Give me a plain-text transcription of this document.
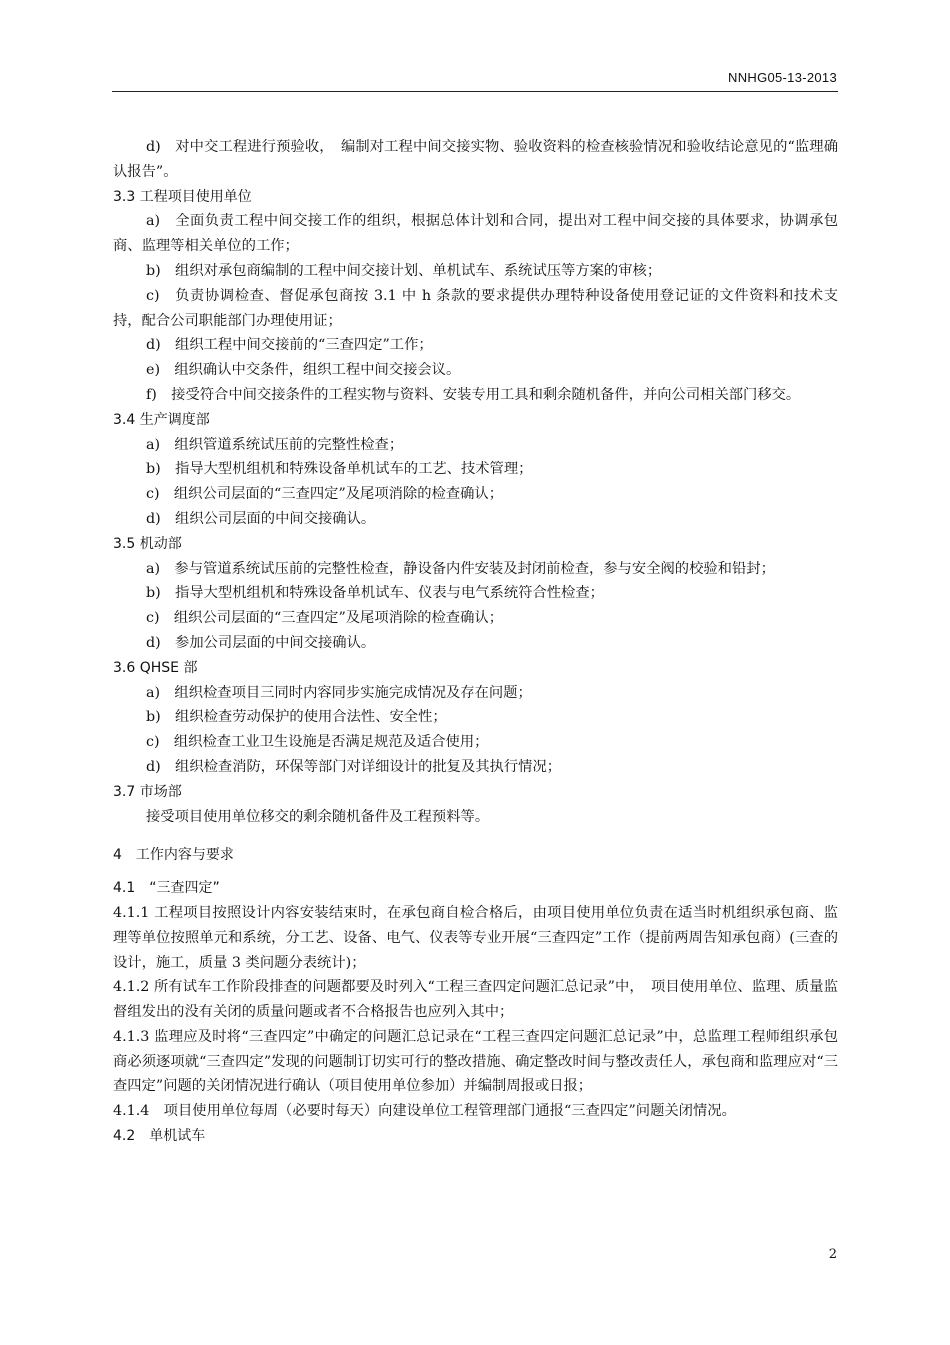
NNHG05-13-2013

d)　对中交工程进行预验收，　编制对工程中间交接实物、验收资料的检查核验情况和验收结论意见的“监理确认报告”。

3.3 工程项目使用单位

a)　全面负责工程中间交接工作的组织，根据总体计划和合同，提出对工程中间交接的具体要求，协调承包商、监理等相关单位的工作；

b)　组织对承包商编制的工程中间交接计划、单机试车、系统试压等方案的审核；

c)　负责协调检查、督促承包商按 3.1 中 h 条款的要求提供办理特种设备使用登记证的文件资料和技术支持，配合公司职能部门办理使用证；

d)　组织工程中间交接前的“三查四定”工作；

e)　组织确认中交条件，组织工程中间交接会议。

f)　接受符合中间交接条件的工程实物与资料、安装专用工具和剩余随机备件，并向公司相关部门移交。

3.4 生产调度部

a)　组织管道系统试压前的完整性检查；

b)　指导大型机组机和特殊设备单机试车的工艺、技术管理；

c)　组织公司层面的“三查四定”及尾项消除的检查确认；

d)　组织公司层面的中间交接确认。

3.5 机动部

a)　参与管道系统试压前的完整性检查，静设备内件安装及封闭前检查，参与安全阀的校验和铅封；

b)　指导大型机组机和特殊设备单机试车、仪表与电气系统符合性检查；

c)　组织公司层面的“三查四定”及尾项消除的检查确认；

d)　参加公司层面的中间交接确认。

3.6 QHSE 部

a)　组织检查项目三同时内容同步实施完成情况及存在问题；

b)　组织检查劳动保护的使用合法性、安全性；

c)　组织检查工业卫生设施是否满足规范及适合使用；

d)　组织检查消防，环保等部门对详细设计的批复及其执行情况；

3.7 市场部

接受项目使用单位移交的剩余随机备件及工程预料等。

4　工作内容与要求

4.1　“三查四定”

4.1.1 工程项目按照设计内容安装结束时，在承包商自检合格后，由项目使用单位负责在适当时机组织承包商、监理等单位按照单元和系统，分工艺、设备、电气、仪表等专业开展“三查四定”工作（提前两周告知承包商）(三查的设计，施工，质量 3 类问题分表统计)；

4.1.2 所有试车工作阶段排查的问题都要及时列入“工程三查四定问题汇总记录”中，　项目使用单位、监理、质量监督组发出的没有关闭的质量问题或者不合格报告也应列入其中；

4.1.3 监理应及时将“三查四定”中确定的问题汇总记录在“工程三查四定问题汇总记录”中，总监理工程师组织承包商必须逐项就“三查四定”发现的问题制订切实可行的整改措施、确定整改时间与整改责任人，承包商和监理应对“三查四定”问题的关闭情况进行确认（项目使用单位参加）并编制周报或日报；

4.1.4　项目使用单位每周（必要时每天）向建设单位工程管理部门通报“三查四定”问题关闭情况。

4.2　单机试车

2
